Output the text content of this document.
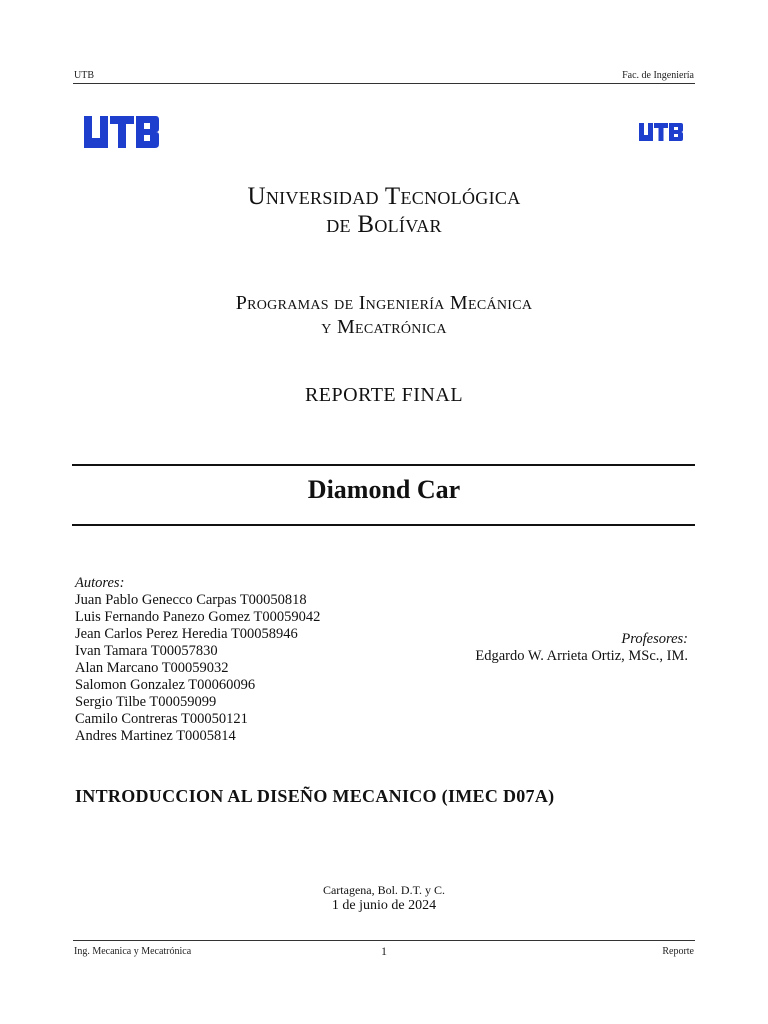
UTB	Fac. de Ingeniería
Universidad Tecnológica
de Bolívar
Programas de Ingeniería Mecánica
y Mecatrónica
REPORTE FINAL
Diamond Car
Autores:
Juan Pablo Genecco Carpas T00050818
Luis Fernando Panezo Gomez T00059042
Jean Carlos Perez Heredia T00058946
Ivan Tamara T00057830
Alan Marcano T00059032
Salomon Gonzalez T00060096
Sergio Tilbe T00059099
Camilo Contreras T00050121
Andres Martinez T0005814
Profesores:
Edgardo W. Arrieta Ortiz, MSc., IM.
INTRODUCCION AL DISEÑO MECANICO (IMEC D07A)
Cartagena, Bol. D.T. y C.
1 de junio de 2024
Ing. Mecanica y Mecatrónica	1	Reporte
